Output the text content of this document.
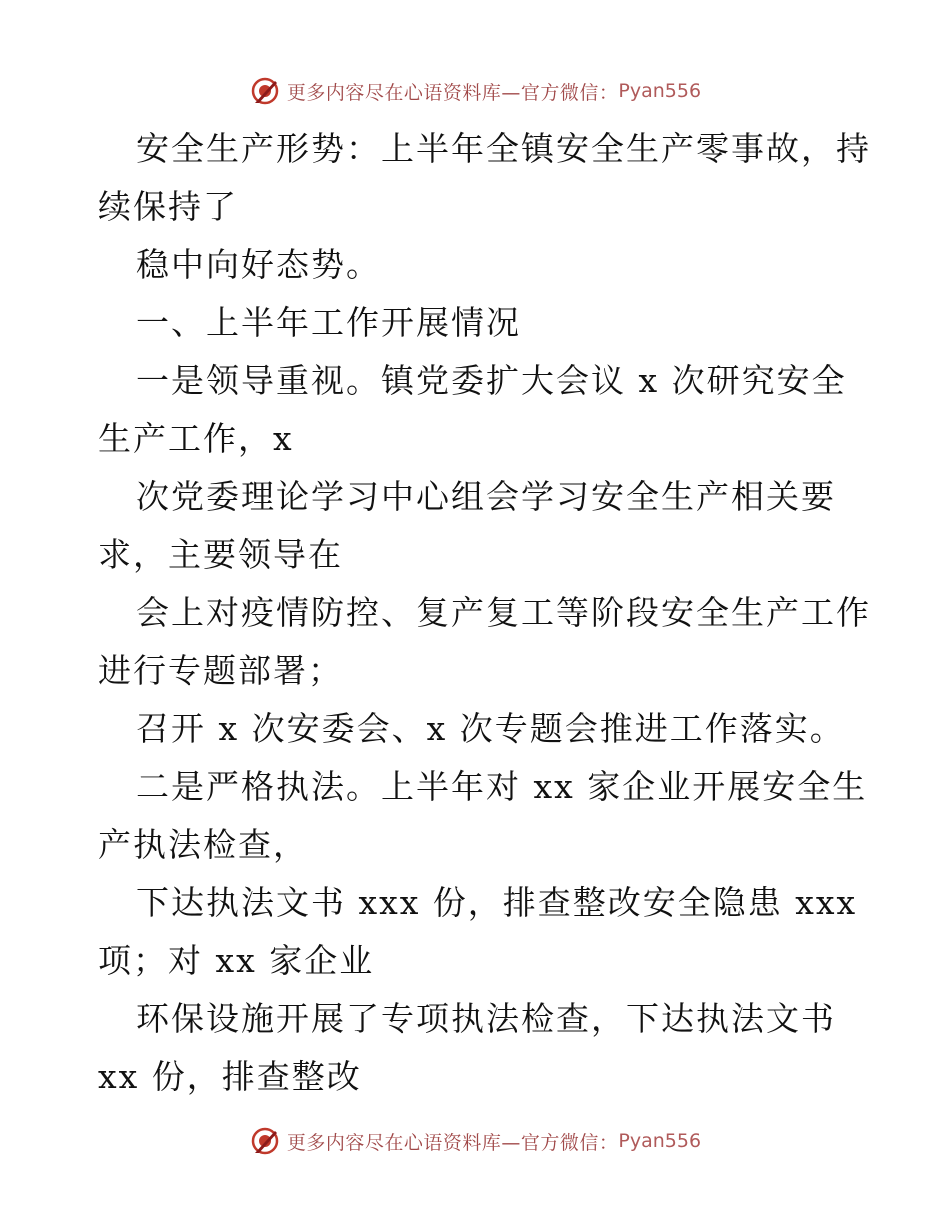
更多内容尽在心语资料库—官方微信： Pyan556
安全生产形势：上半年全镇安全生产零事故，持
续保持了
稳中向好态势。
一、上半年工作开展情况
一是领导重视。镇党委扩大会议 x 次研究安全
生产工作，x
次党委理论学习中心组会学习安全生产相关要
求，主要领导在
会上对疫情防控、复产复工等阶段安全生产工作
进行专题部署；
召开 x 次安委会、x 次专题会推进工作落实。
二是严格执法。上半年对 xx 家企业开展安全生
产执法检查，
下达执法文书 xxx 份，排查整改安全隐患 xxx
项；对 xx 家企业
环保设施开展了专项执法检查，下达执法文书
xx 份，排查整改
更多内容尽在心语资料库—官方微信： Pyan556
